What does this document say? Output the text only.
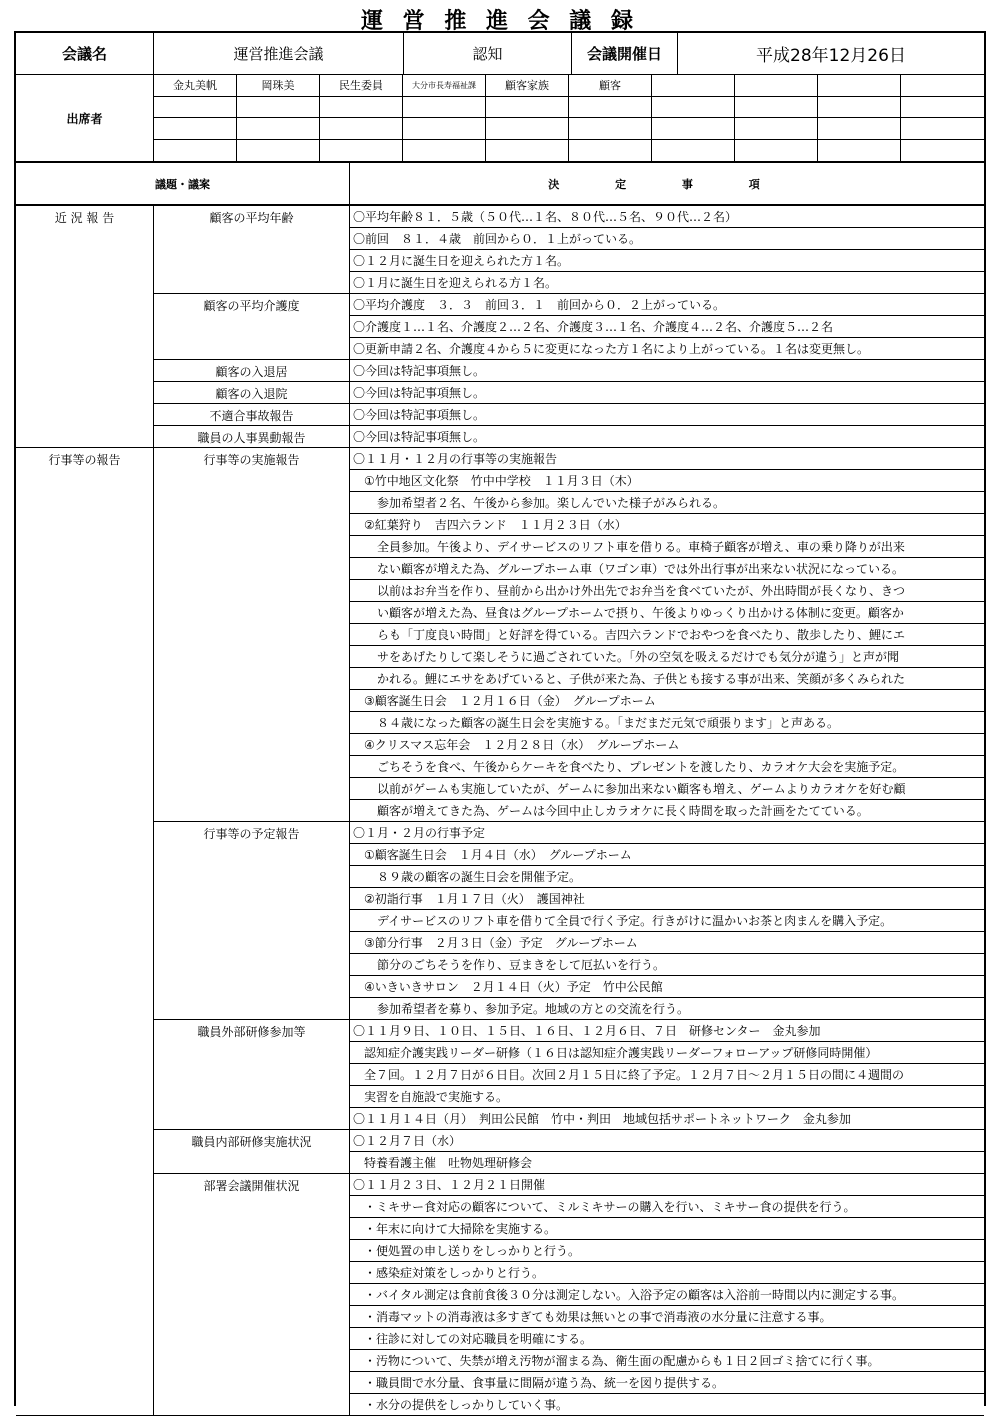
運 営 推 進 会 議 録
会議名	運営推進会議	認知	会議開催日	平成28年12月26日
出席者
金丸美帆	岡珠美	民生委員	大分市長寿福祉課	顧客家族	顧客
議題・議案	決 定 事 項
近 況 報 告	顧客の平均年齢	〇平均年齢８１．５歳（５０代…１名、８０代…５名、９０代…２名）
〇前回　８１．４歳　前回から０．１上がっている。
〇１２月に誕生日を迎えられた方１名。
〇１月に誕生日を迎えられる方１名。
顧客の平均介護度	〇平均介護度　３．３　前回３．１　前回から０．２上がっている。
〇介護度１…１名、介護度２…２名、介護度３…１名、介護度４…２名、介護度５…２名
〇更新申請２名、介護度４から５に変更になった方１名により上がっている。１名は変更無し。
顧客の入退居	〇今回は特記事項無し。
顧客の入退院	〇今回は特記事項無し。
不適合事故報告	〇今回は特記事項無し。
職員の人事異動報告	〇今回は特記事項無し。
行事等の報告	行事等の実施報告	〇１１月・１２月の行事等の実施報告
①竹中地区文化祭　竹中中学校　１１月３日（木）
参加希望者２名、午後から参加。楽しんでいた様子がみられる。
②紅葉狩り　吉四六ランド　１１月２３日（水）
全員参加。午後より、デイサービスのリフト車を借りる。車椅子顧客が増え、車の乗り降りが出来
ない顧客が増えた為、グループホーム車（ワゴン車）では外出行事が出来ない状況になっている。
以前はお弁当を作り、昼前から出かけ外出先でお弁当を食べていたが、外出時間が長くなり、きつ
い顧客が増えた為、昼食はグループホームで摂り、午後よりゆっくり出かける体制に変更。顧客か
らも「丁度良い時間」と好評を得ている。吉四六ランドでおやつを食べたり、散歩したり、鯉にエ
サをあげたりして楽しそうに過ごされていた。「外の空気を吸えるだけでも気分が違う」と声が聞
かれる。鯉にエサをあげていると、子供が来た為、子供とも接する事が出来、笑顔が多くみられた
③顧客誕生日会　１２月１６日（金）　グループホーム
８４歳になった顧客の誕生日会を実施する。「まだまだ元気で頑張ります」と声ある。
④クリスマス忘年会　１２月２８日（水）　グループホーム
ごちそうを食べ、午後からケーキを食べたり、プレゼントを渡したり、カラオケ大会を実施予定。
以前がゲームも実施していたが、ゲームに参加出来ない顧客も増え、ゲームよりカラオケを好む顧
顧客が増えてきた為、ゲームは今回中止しカラオケに長く時間を取った計画をたてている。
行事等の予定報告	〇１月・２月の行事予定
①顧客誕生日会　１月４日（水）　グループホーム
８９歳の顧客の誕生日会を開催予定。
②初詣行事　１月１７日（火）　護国神社
デイサービスのリフト車を借りて全員で行く予定。行きがけに温かいお茶と肉まんを購入予定。
③節分行事　２月３日（金）予定　グループホーム
節分のごちそうを作り、豆まきをして厄払いを行う。
④いきいきサロン　２月１４日（火）予定　竹中公民館
参加希望者を募り、参加予定。地域の方との交流を行う。
職員外部研修参加等	〇１１月９日、１０日、１５日、１６日、１２月６日、７日　研修センター　金丸参加
認知症介護実践リーダー研修（１６日は認知症介護実践リーダーフォローアップ研修同時開催）
全７回。１２月７日が６日目。次回２月１５日に終了予定。１２月７日～２月１５日の間に４週間の
実習を自施設で実施する。
〇１１月１４日（月）　判田公民館　竹中・判田　地域包括サポートネットワーク　金丸参加
職員内部研修実施状況	〇１２月７日（水）
特養看護主催　吐物処理研修会
部署会議開催状況	〇１１月２３日、１２月２１日開催
・ミキサー食対応の顧客について、ミルミキサーの購入を行い、ミキサー食の提供を行う。
・年末に向けて大掃除を実施する。
・便処置の申し送りをしっかりと行う。
・感染症対策をしっかりと行う。
・バイタル測定は食前食後３０分は測定しない。入浴予定の顧客は入浴前一時間以内に測定する事。
・消毒マットの消毒液は多すぎても効果は無いとの事で消毒液の水分量に注意する事。
・往診に対しての対応職員を明確にする。
・汚物について、失禁が増え汚物が溜まる為、衛生面の配慮からも１日２回ゴミ捨てに行く事。
・職員間で水分量、食事量に間隔が違う為、統一を図り提供する。
・水分の提供をしっかりしていく事。
